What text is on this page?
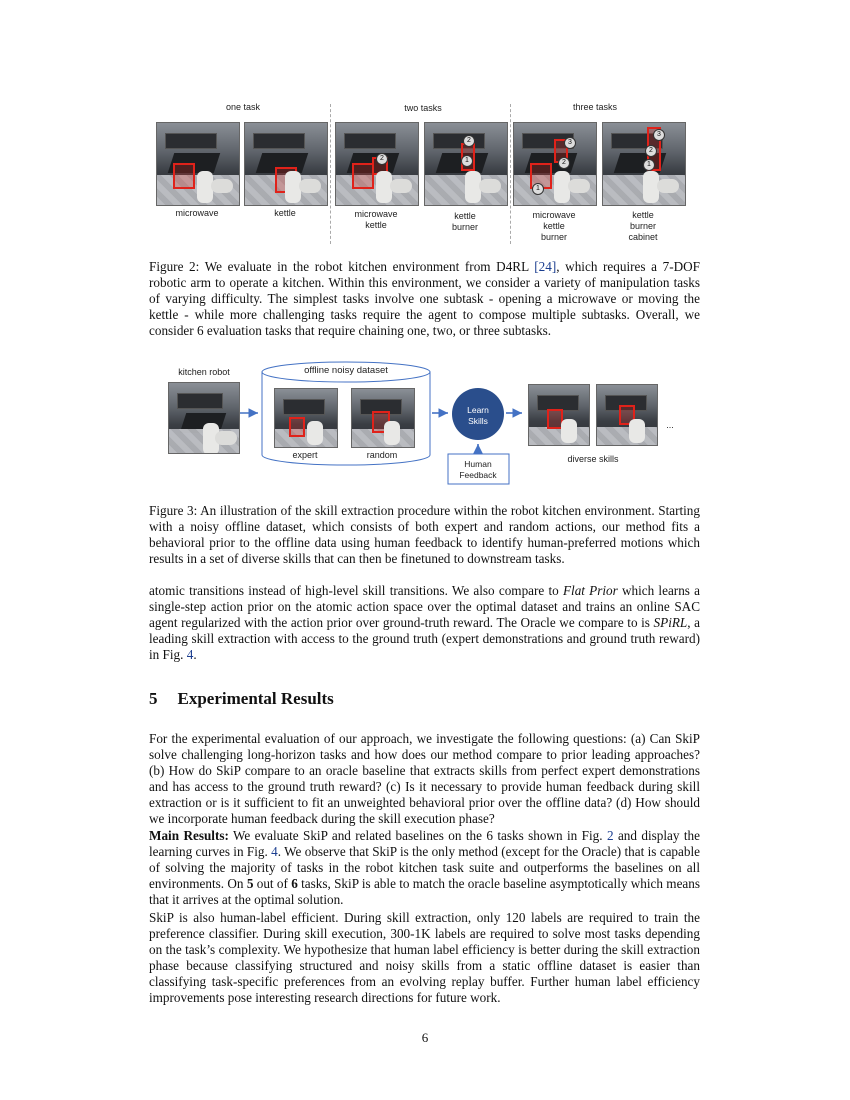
one task	two tasks	three tasks
2
2
1
3
2
1
3
2
1
microwave	kettle	microwave
kettle
kettle
burner
microwave
kettle
burner
kettle
burner
cabinet

Figure 2: We evaluate in the robot kitchen environment from D4RL [24], which requires a 7-DOF robotic arm to operate a kitchen. Within this environment, we consider a variety of manipulation tasks of varying difficulty. The simplest tasks involve one subtask - opening a microwave or moving the kettle - while more challenging tasks require the agent to compose multiple subtasks. Overall, we consider 6 evaluation tasks that require chaining one, two, or three subtasks.

kitchen robot	offline noisy dataset
expert	random
Learn
Skills
Human
Feedback
...
diverse skills

Figure 3: An illustration of the skill extraction procedure within the robot kitchen environment. Starting with a noisy offline dataset, which consists of both expert and random actions, our method fits a behavioral prior to the offline data using human feedback to identify human-preferred motions which results in a set of diverse skills that can then be finetuned to downstream tasks.

atomic transitions instead of high-level skill transitions. We also compare to Flat Prior which learns a single-step action prior on the atomic action space over the optimal dataset and trains an online SAC agent regularized with the action prior over ground-truth reward. The Oracle we compare to is SPiRL, a leading skill extraction with access to the ground truth (expert demonstrations and ground truth reward) in Fig. 4.

5 Experimental Results

For the experimental evaluation of our approach, we investigate the following questions: (a) Can SkiP solve challenging long-horizon tasks and how does our method compare to prior leading approaches? (b) How do SkiP compare to an oracle baseline that extracts skills from perfect expert demonstrations and has access to the ground truth reward? (c) Is it necessary to provide human feedback during skill extraction or is it sufficient to fit an unweighted behavioral prior over the offline data? (d) How should we incorporate human feedback during the skill execution phase?

Main Results: We evaluate SkiP and related baselines on the 6 tasks shown in Fig. 2 and display the learning curves in Fig. 4. We observe that SkiP is the only method (except for the Oracle) that is capable of solving the majority of tasks in the robot kitchen task suite and outperforms the baselines on all environments. On 5 out of 6 tasks, SkiP is able to match the oracle baseline asymptotically which means that it arrives at the optimal solution.

SkiP is also human-label efficient. During skill extraction, only 120 labels are required to train the preference classifier. During skill execution, 300-1K labels are required to solve most tasks depending on the task’s complexity. We hypothesize that human label efficiency is better during the skill extraction phase because classifying structured and noisy skills from a static offline dataset is easier than classifying task-specific preferences from an evolving replay buffer. Further human label efficiency improvements pose interesting research directions for future work.

6
